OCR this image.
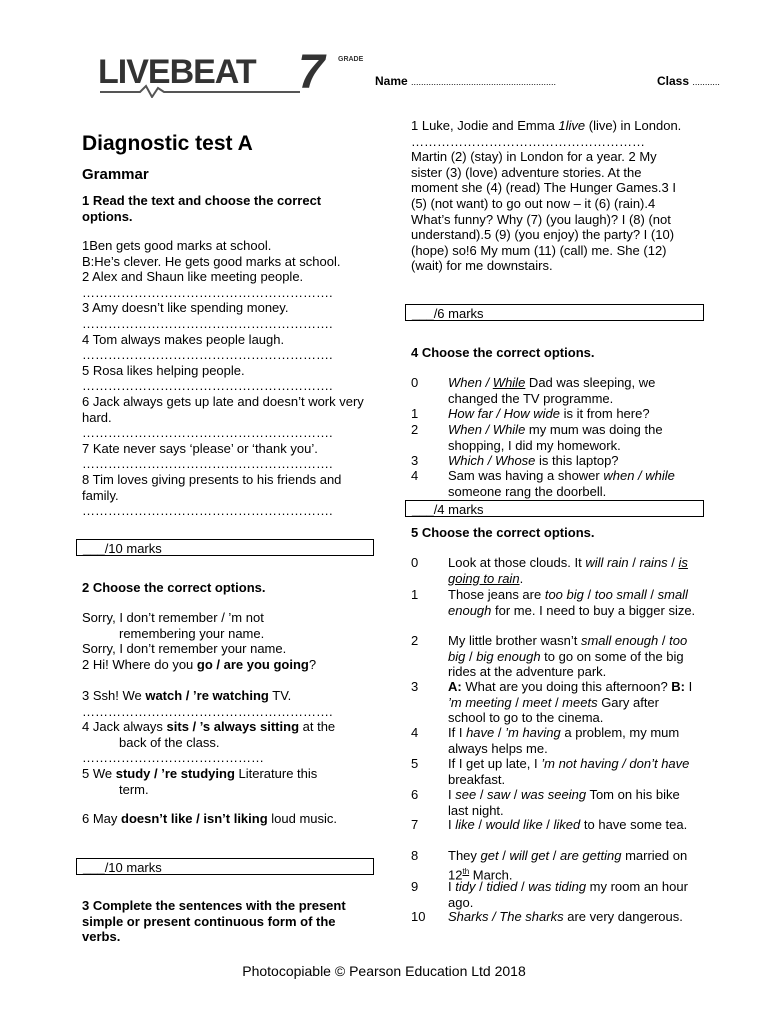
LIVEBEAT 7	GRADE
Name ..........................................................	Class ...........
Diagnostic test A
Grammar
1 Read the text and choose the correct options.
1Ben gets good marks at school.
B:He’s clever. He gets good marks at school.
2 Alex and Shaun like meeting people.
………………………………………………….
3 Amy doesn’t like spending money.
………………………………………………….
4 Tom always makes people laugh.
………………………………………………….
5 Rosa likes helping people.
………………………………………………….
6 Jack always gets up late and doesn’t work very hard.
………………………………………………….
7 Kate never says ‘please’ or ‘thank you’.
………………………………………………….
8 Tim loves giving presents to his friends and family.
………………………………………………….
___/10 marks
2 Choose the correct options.
Sorry, I don’t remember / ’m not
remembering your name.
Sorry, I don’t remember your name.
2 Hi! Where do you go / are you going?
3 Ssh! We watch / ’re watching TV.
………………………………………………….
4 Jack always sits / ’s always sitting at the
back of the class.
……………………………………
5 We study / ’re studying Literature this
term.
6 May doesn’t like / isn’t liking loud music.
___/10 marks
3 Complete the sentences with the present simple or present continuous form of the verbs.
1 Luke, Jodie and Emma 1live (live) in London.
………………………………………………
Martin (2) (stay) in London for a year. 2 My sister (3) (love) adventure stories. At the moment she (4) (read) The Hunger Games.3 I (5) (not want) to go out now – it (6) (rain).4 What’s funny? Why (7) (you laugh)? I (8) (not understand).5 (9) (you enjoy) the party? I (10) (hope) so!6 My mum (11) (call) me. She (12) (wait) for me downstairs.
___/6 marks
4 Choose the correct options.
0 When / While Dad was sleeping, we changed the TV programme.
1 How far / How wide is it from here?
2 When / While my mum was doing the shopping, I did my homework.
3 Which / Whose is this laptop?
4 Sam was having a shower when / while someone rang the doorbell.
___/4 marks
5 Choose the correct options.
0 Look at those clouds. It will rain / rains / is going to rain.
1 Those jeans are too big / too small / small enough for me. I need to buy a bigger size.
2 My little brother wasn’t small enough / too big / big enough to go on some of the big rides at the adventure park.
3 A: What are you doing this afternoon? B: I ’m meeting / meet / meets Gary after school to go to the cinema.
4 If I have / ’m having a problem, my mum always helps me.
5 If I get up late, I ’m not having / don’t have breakfast.
6 I see / saw / was seeing Tom on his bike last night.
7 I like / would like / liked to have some tea.
8 They get / will get / are getting married on 12th March.
9 I tidy / tidied / was tiding my room an hour ago.
10 Sharks / The sharks are very dangerous.
Photocopiable © Pearson Education Ltd 2018
